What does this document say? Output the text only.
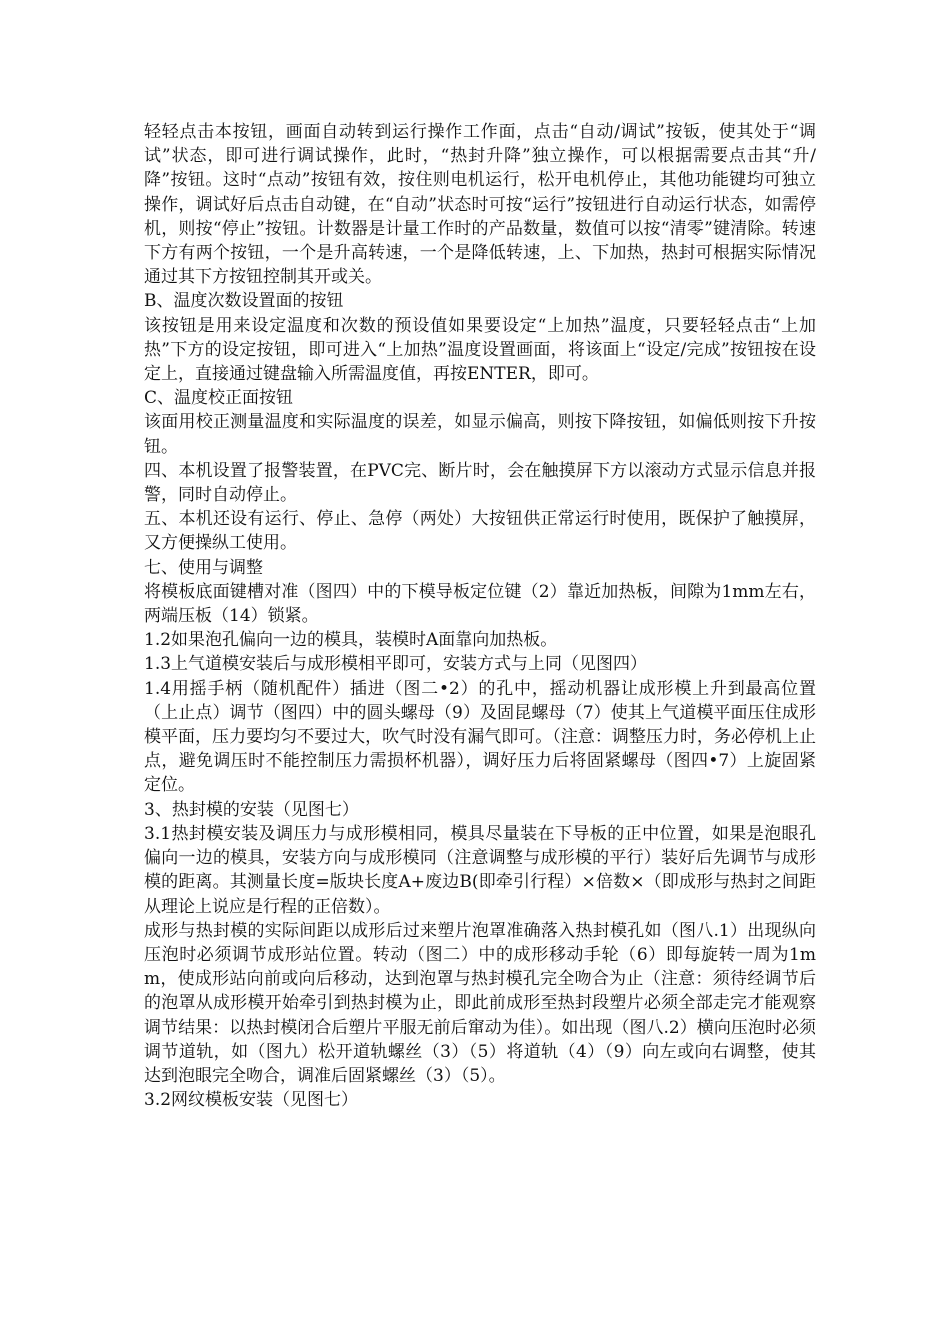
轻轻点击本按钮，画面自动转到运行操作工作面，点击“自动/调试”按钣，使其处于“调试”状态，即可进行调试操作，此时，“热封升降”独立操作，可以根据需要点击其“升/降”按钮。这时“点动”按钮有效，按住则电机运行，松开电机停止，其他功能键均可独立操作，调试好后点击自动键，在“自动”状态时可按“运行”按钮进行自动运行状态，如需停机，则按“停止”按钮。计数器是计量工作时的产品数量，数值可以按“清零”键清除。转速下方有两个按钮，一个是升高转速，一个是降低转速，上、下加热，热封可根据实际情况通过其下方按钮控制其开或关。

B、温度次数设置面的按钮

该按钮是用来设定温度和次数的预设值如果要设定“上加热”温度，只要轻轻点击“上加热”下方的设定按钮，即可进入“上加热”温度设置画面，将该面上“设定/完成”按钮按在设定上，直接通过键盘输入所需温度值，再按ENTER，即可。

C、温度校正面按钮

该面用校正测量温度和实际温度的误差，如显示偏高，则按下降按钮，如偏低则按下升按钮。

四、本机设置了报警装置，在PVC完、断片时，会在触摸屏下方以滚动方式显示信息并报警，同时自动停止。

五、本机还设有运行、停止、急停（两处）大按钮供正常运行时使用，既保护了触摸屏，又方便操纵工使用。

七、使用与调整

将模板底面键槽对准（图四）中的下模导板定位键（2）靠近加热板，间隙为1mm左右，两端压板（14）锁紧。

1.2如果泡孔偏向一边的模具，装模时A面靠向加热板。

1.3上气道模安装后与成形模相平即可，安装方式与上同（见图四）

1.4用摇手柄（随机配件）插进（图二•2）的孔中，摇动机器让成形模上升到最高位置（上止点）调节（图四）中的圆头螺母（9）及固昆螺母（7）使其上气道模平面压住成形模平面，压力要均匀不要过大，吹气时没有漏气即可。（注意：调整压力时，务必停机上止点，避免调压时不能控制压力需损杯机器），调好压力后将固紧螺母（图四•7）上旋固紧定位。

3、热封模的安装（见图七）

3.1热封模安装及调压力与成形模相同，模具尽量装在下导板的正中位置，如果是泡眼孔偏向一边的模具，安装方向与成形模同（注意调整与成形模的平行）装好后先调节与成形模的距离。其测量长度=版块长度A+废边B(即牵引行程）×倍数×（即成形与热封之间距从理论上说应是行程的正倍数）。

成形与热封模的实际间距以成形后过来塑片泡罩准确落入热封模孔如（图八.1）出现纵向压泡时必须调节成形站位置。转动（图二）中的成形移动手轮（6）即每旋转一周为1mm，使成形站向前或向后移动，达到泡罩与热封模孔完全吻合为止（注意：须待经调节后的泡罩从成形模开始牵引到热封模为止，即此前成形至热封段塑片必须全部走完才能观察调节结果：以热封模闭合后塑片平服无前后窜动为佳）。如出现（图八.2）横向压泡时必须调节道轨，如（图九）松开道轨螺丝（3）（5）将道轨（4）（9）向左或向右调整，使其达到泡眼完全吻合，调准后固紧螺丝（3）（5）。

3.2网纹模板安装（见图七）
